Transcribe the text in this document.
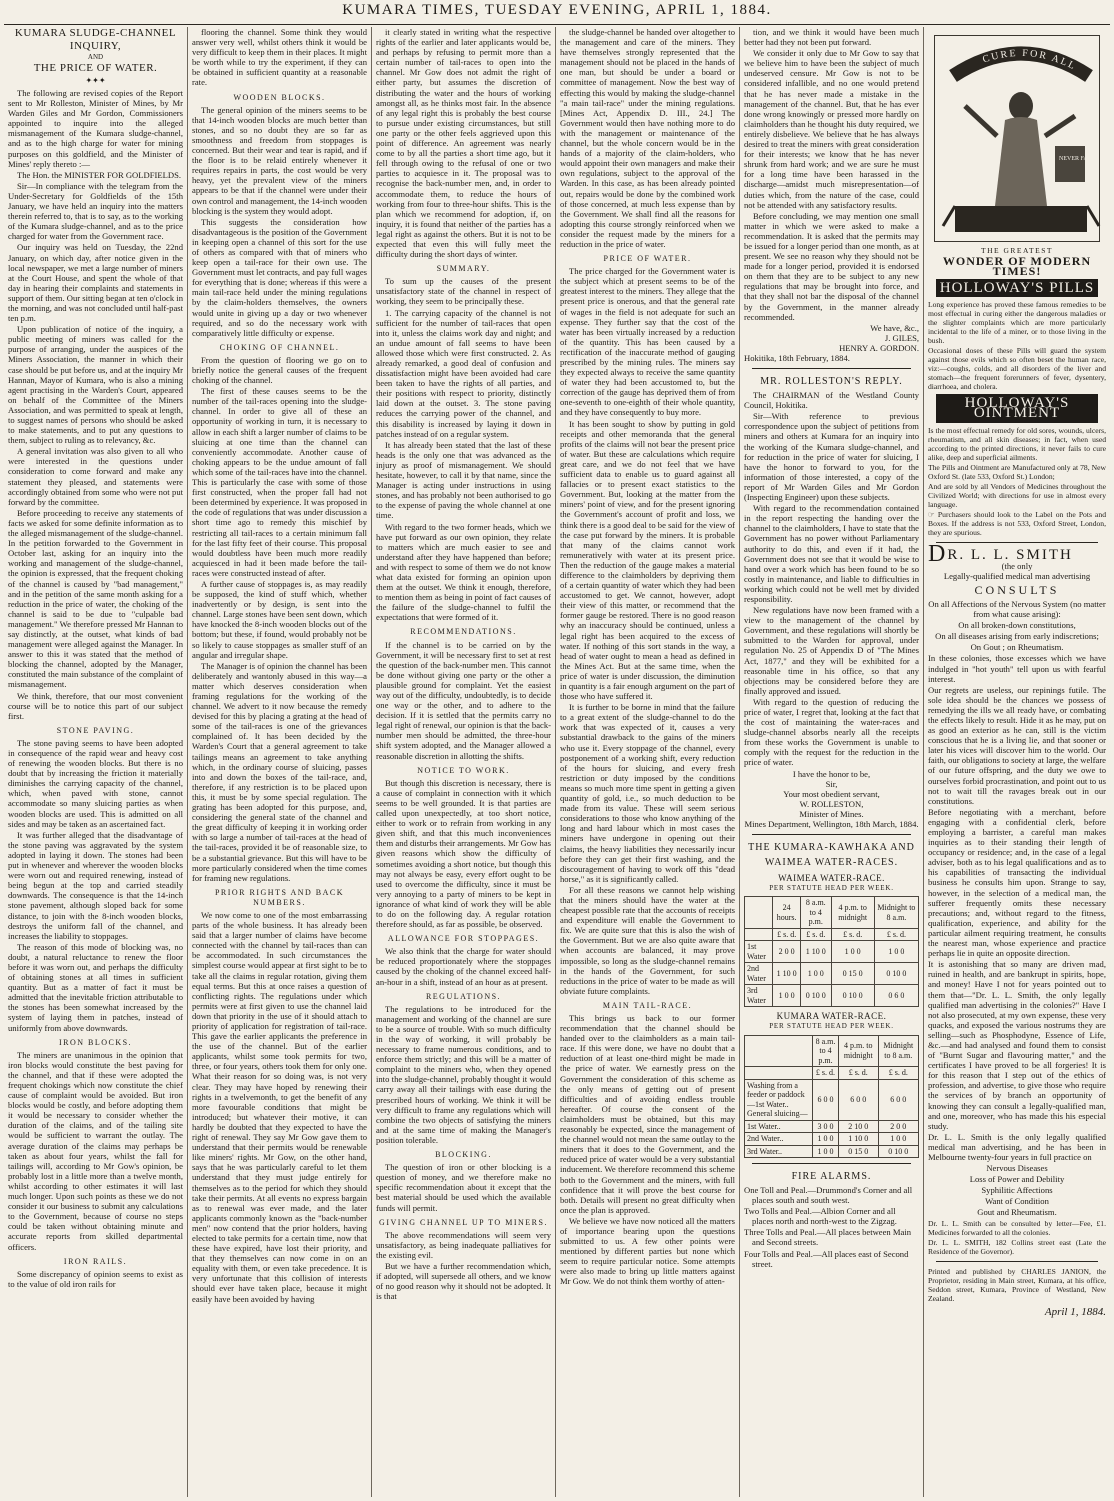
KUMARA TIMES, TUESDAY EVENING, APRIL 1, 1884.
KUMARA SLUDGE-CHANNEL
INQUIRY,
AND
THE PRICE OF WATER.
✦✦✦

The following are revised copies of the Report sent to Mr Rolleston, Minister of Mines, by Mr Warden Giles and Mr Gordon, Commissioners appointed to inquire into the alleged mismanagement of the Kumara sludge-channel, and as to the high charge for water for mining purposes on this goldfield, and the Minister of Mines' reply thereto :—

The Hon. the MINISTER FOR GOLDFIELDS.

Sir—In compliance with the telegram from the Under-Secretary for Goldfields of the 15th January, we have held an inquiry into the matters therein referred to, that is to say, as to the working of the Kumara sludge-channel, and as to the price charged for water from the Government race.

Our inquiry was held on Tuesday, the 22nd January, on which day, after notice given in the local newspaper, we met a large number of miners at the Court House, and spent the whole of that day in hearing their complaints and statements in support of them. Our sitting began at ten o'clock in the morning, and was not concluded until half-past ten p.m.

Upon publication of notice of the inquiry, a public meeting of miners was called for the purpose of arranging, under the auspices of the Miners Association, the manner in which their case should be put before us, and at the inquiry Mr Hannan, Mayor of Kumara, who is also a mining agent practising in the Warden's Court, appeared on behalf of the Committee of the Miners Association, and was permitted to speak at length, to suggest names of persons who should be asked to make statements, and to put any questions to them, subject to ruling as to relevancy, &c.

A general invitation was also given to all who were interested in the questions under consideration to come forward and make any statement they pleased, and statements were accordingly obtained from some who were not put forward by the committee.

Before proceeding to receive any statements of facts we asked for some definite information as to the alleged mismanagement of the sludge-channel. In the petition forwarded to the Government in October last, asking for an inquiry into the working and management of the sludge-channel, the opinion is expressed, that the frequent choking of the channel is caused by "bad management," and in the petition of the same month asking for a reduction in the price of water, the choking of the channel is said to be due to "culpable bad management." We therefore pressed Mr Hannan to say distinctly, at the outset, what kinds of bad management were alleged against the Manager. In answer to this it was stated that the method of blocking the channel, adopted by the Manager, constituted the main substance of the complaint of mismanagement.

We think, therefore, that our most convenient course will be to notice this part of our subject first.

STONE PAVING.

The stone paving seems to have been adopted in consequence of the rapid wear and heavy cost of renewing the wooden blocks. But there is no doubt that by increasing the friction it materially diminishes the carrying capacity of the channel, which, when paved with stone, cannot accommodate so many sluicing parties as when wooden blocks are used. This is admitted on all sides and may be taken as an ascertained fact.

It was further alleged that the disadvantage of the stone paving was aggravated by the system adopted in laying it down. The stones had been put in whenever and wherever the wooden blocks were worn out and required renewing, instead of being begun at the top and carried steadily downwards. The consequence is that the 14-inch stone pavement, although sloped back for some distance, to join with the 8-inch wooden blocks, destroys the uniform fall of the channel, and increases the liability to stoppages.

The reason of this mode of blocking was, no doubt, a natural reluctance to renew the floor before it was worn out, and perhaps the difficulty of obtaining stones at all times in sufficient quantity. But as a matter of fact it must be admitted that the inevitable friction attributable to the stones has been somewhat increased by the system of laying them in patches, instead of uniformly from above downwards.

IRON BLOCKS.

The miners are unanimous in the opinion that iron blocks would constitute the best paving for the channel, and that if these were adopted the frequent chokings which now constitute the chief cause of complaint would be avoided. But iron blocks would be costly, and before adopting them it would be necessary to consider whether the duration of the claims, and of the tailing site would be sufficient to warrant the outlay. The average duration of the claims may perhaps be taken as about four years, whilst the fall for tailings will, according to Mr Gow's opinion, be probably lost in a little more than a twelve month, whilst according to other estimates it will last much longer. Upon such points as these we do not consider it our business to submit any calculations to the Government, because of course no steps could be taken without obtaining minute and accurate reports from skilled departmental officers.

IRON RAILS.

Some discrepancy of opinion seems to exist as to the value of old iron rails for

flooring the channel. Some think they would answer very well, whilst others think it would be very difficult to keep them in their places. It might be worth while to try the experiment, if they can be obtained in sufficient quantity at a reasonable rate.

WOODEN BLOCKS.

The general opinion of the miners seems to be that 14-inch wooden blocks are much better than stones, and so no doubt they are so far as smoothness and freedom from stoppages is concerned. But their wear and tear is rapid, and if the floor is to be relaid entirely whenever it requires repairs in parts, the cost would be very heavy, yet the prevalent view of the miners appears to be that if the channel were under their own control and management, the 14-inch wooden blocking is the system they would adopt.

This suggests the consideration how disadvantageous is the position of the Government in keeping open a channel of this sort for the use of others as compared with that of miners who keep open a tail-race for their own use. The Government must let contracts, and pay full wages for everything that is done; whereas if this were a main tail-race held under the mining regulations by the claim-holders themselves, the owners would unite in giving up a day or two whenever required, and so do the necessary work with comparatively little difficulty or expense.

CHOKING OF CHANNEL.

From the question of flooring we go on to briefly notice the general causes of the frequent choking of the channel.

The first of these causes seems to be the number of the tail-races opening into the sludge-channel. In order to give all of these an opportunity of working in turn, it is necessary to allow in each shift a larger number of claims to be sluicing at one time than the channel can conveniently accommodate. Another cause of choking appears to be the undue amount of fall which some of the tail-races have into the channel. This is particularly the case with some of those first constructed, when the proper fall had not been determined by experience. It was proposed in the code of regulations that was under discussion a short time ago to remedy this mischief by restricting all tail-races to a certain minimum fall for the last fifty feet of their course. This proposal would doubtless have been much more readily acquiesced in had it been made before the tail-races were constructed instead of after.

A further cause of stoppages is, as may readily be supposed, the kind of stuff which, whether inadvertently or by design, is sent into the channel. Large stones have been sent down, which have knocked the 8-inch wooden blocks out of the bottom; but these, if found, would probably not be so likely to cause stoppages as smaller stuff of an angular and irregular shape.

The Manager is of opinion the channel has been deliberately and wantonly abused in this way—a matter which deserves consideration when framing regulations for the working of the channel. We advert to it now because the remedy devised for this by placing a grating at the head of some of the tail-races is one of the grievances complained of. It has been decided by the Warden's Court that a general agreement to take tailings means an agreement to take anything which, in the ordinary course of sluicing, passes into and down the boxes of the tail-race, and, therefore, if any restriction is to be placed upon this, it must be by some special regulation. The grating has been adopted for this purpose, and, considering the general state of the channel and the great difficulty of keeping it in working order with so large a number of tail-races at the head of the tail-races, provided it be of reasonable size, to be a substantial grievance. But this will have to be more particularly considered when the time comes for framing new regulations.

PRIOR RIGHTS AND BACK NUMBERS.

We now come to one of the most embarrassing parts of the whole business. It has already been said that a larger number of claims have become connected with the channel by tail-races than can be accommodated. In such circumstances the simplest course would appear at first sight to be to take all the claims in regular rotation, giving them equal terms. But this at once raises a question of conflicting rights. The regulations under which permits were at first given to use the channel laid down that priority in the use of it should attach to priority of application for registration of tail-race. This gave the earlier applicants the preference in the use of the channel. But of the earlier applicants, whilst some took permits for two, three, or four years, others took them for only one. What their reason for so doing was, is not very clear. They may have hoped by renewing their rights in a twelvemonth, to get the benefit of any more favourable conditions that might be introduced; but whatever their motive, it can hardly be doubted that they expected to have the right of renewal. They say Mr Gow gave them to understand that their permits would be renewable like miners' rights. Mr Gow, on the other hand, says that he was particularly careful to let them understand that they must judge entirely for themselves as to the period for which they should take their permits. At all events no express bargain as to renewal was ever made, and the later applicants commonly known as the "back-number men" now contend that the prior holders, having elected to take permits for a certain time, now that these have expired, have lost their priority, and that they themselves can now come in on an equality with them, or even take precedence. It is very unfortunate that this collision of interests should ever have taken place, because it might easily have been avoided by having

it clearly stated in writing what the respective rights of the earlier and later applicants would be, and perhaps by refusing to permit more than a certain number of tail-races to open into the channel. Mr Gow does not admit the right of either party, but assumes the discretion of distributing the water and the hours of working amongst all, as he thinks most fair. In the absence of any legal right this is probably the best course to pursue under existing circumstances, but still one party or the other feels aggrieved upon this point of difference. An agreement was nearly come to by all the parties a short time ago, but it fell through owing to the refusal of one or two parties to acquiesce in it. The proposal was to recognise the back-number men, and, in order to accommodate them, to reduce the hours of working from four to three-hour shifts. This is the plan which we recommend for adoption, if, on inquiry, it is found that neither of the parties has a legal right as against the others. But it is not to be expected that even this will fully meet the difficulty during the short days of winter.

SUMMARY.

To sum up the causes of the present unsatisfactory state of the channel in respect of working, they seem to be principally these.

1. The carrying capacity of the channel is not sufficient for the number of tail-races that open into it, unless the claims work day and night; and an undue amount of fall seems to have been allowed those which were first constructed. 2. As already remarked, a good deal of confusion and dissatisfaction might have been avoided had care been taken to have the rights of all parties, and their positions with respect to priority, distinctly laid down at the outset. 3. The stone paving reduces the carrying power of the channel, and this disability is increased by laying it down in patches instead of on a regular system.

It has already been stated that the last of these heads is the only one that was advanced as the injury as proof of mismanagement. We should hesitate, however, to call it by that name, since the Manager is acting under instructions in using stones, and has probably not been authorised to go to the expense of paving the whole channel at one time.

With regard to the two former heads, which we have put forward as our own opinion, they relate to matters which are much easier to see and understand after they have happened than before; and with respect to some of them we do not know what data existed for forming an opinion upon them at the outset. We think it enough, therefore, to mention them as being in point of fact causes of the failure of the sludge-channel to fulfil the expectations that were formed of it.

RECOMMENDATIONS.

If the channel is to be carried on by the Government, it will be necessary first to set at rest the question of the back-number men. This cannot be done without giving one party or the other a plausible ground for complaint. Yet the easiest way out of the difficulty, undoubtedly, is to decide one way or the other, and to adhere to the decision. If it is settled that the permits carry no legal right of renewal, our opinion is that the back-number men should be admitted, the three-hour shift system adopted, and the Manager allowed a reasonable discretion in allotting the shifts.

NOTICE TO WORK.

But though this discretion is necessary, there is a cause of complaint in connection with it which seems to be well grounded. It is that parties are called upon unexpectedly, at too short notice, either to work or to refrain from working in any given shift, and that this much inconveniences them and disturbs their arrangements. Mr Gow has given reasons which show the difficulty of sometimes avoiding a short notice, but though this may not always be easy, every effort ought to be used to overcome the difficulty, since it must be very annoying to a party of miners to be kept in ignorance of what kind of work they will be able to do on the following day. A regular rotation therefore should, as far as possible, be observed.

ALLOWANCE FOR STOPPAGES.

We also think that the charge for water should be reduced proportionately where the stoppages caused by the choking of the channel exceed half-an-hour in a shift, instead of an hour as at present.

REGULATIONS.

The regulations to be introduced for the management and working of the channel are sure to be a source of trouble. With so much difficulty in the way of working, it will probably be necessary to frame numerous conditions, and to enforce them strictly; and this will be a matter of complaint to the miners who, when they opened into the sludge-channel, probably thought it would carry away all their tailings with ease during the prescribed hours of working. We think it will be very difficult to frame any regulations which will combine the two objects of satisfying the miners and at the same time of making the Manager's position tolerable.

BLOCKING.

The question of iron or other blocking is a question of money, and we therefore make no specific recommendation about it except that the best material should be used which the available funds will permit.

GIVING CHANNEL UP TO MINERS.

The above recommendations will seem very unsatisfactory, as being inadequate palliatives for the existing evil.

But we have a further recommendation which, if adopted, will supersede all others, and we know of no good reason why it should not be adopted. It is that

the sludge-channel be handed over altogether to the management and care of the miners. They have themselves strongly represented that the management should not be placed in the hands of one man, but should be under a board or committee of management. Now the best way of effecting this would by making the sludge-channel "a main tail-race" under the mining regulations. [Mines Act, Appendix D. III., 24.] The Government would then have nothing more to do with the management or maintenance of the channel, but the whole concern would be in the hands of a majority of the claim-holders, who would appoint their own managers and make their own regulations, subject to the approval of the Warden. In this case, as has been already pointed out, repairs would be done by the combined work of those concerned, at much less expense than by the Government. We shall find all the reasons for adopting this course strongly reinforced when we consider the request made by the miners for a reduction in the price of water.

PRICE OF WATER.

The price charged for the Government water is the subject which at present seems to be of the greatest interest to the miners. They allege that the present price is onerous, and that the general rate of wages in the field is not adequate for such an expense. They further say that the cost of the water has been virtually increased by a reduction of the quantity. This has been caused by a rectification of the inaccurate method of gauging prescribed by the mining rules. The miners say they expected always to receive the same quantity of water they had been accustomed to, but the correction of the gauge has deprived them of from one-seventh to one-eighth of their whole quantity, and they have consequently to buy more.

It has been sought to show by putting in gold receipts and other memoranda that the general profits of the claims will not bear the present price of water. But these are calculations which require great care, and we do not feel that we have sufficient data to enable us to guard against all fallacies or to present exact statistics to the Government. But, looking at the matter from the miners' point of view, and for the present ignoring the Government's account of profit and loss, we think there is a good deal to be said for the view of the case put forward by the miners. It is probable that many of the claims cannot work remuneratively with water at its present price. Then the reduction of the gauge makes a material difference to the claimholders by depriving them of a certain quantity of water which they had been accustomed to get. We cannot, however, adopt their view of this matter, or recommend that the former gauge be restored. There is no good reason why an inaccuracy should be continued, unless a legal right has been acquired to the excess of water. If nothing of this sort stands in the way, a head of water ought to mean a head as defined in the Mines Act. But at the same time, when the price of water is under discussion, the diminution in quantity is a fair enough argument on the part of those who have suffered it.

It is further to be borne in mind that the failure to a great extent of the sludge-channel to do the work that was expected of it, causes a very substantial drawback to the gains of the miners who use it. Every stoppage of the channel, every postponement of a working shift, every reduction of the hours for sluicing, and every fresh restriction or duty imposed by the conditions means so much more time spent in getting a given quantity of gold, i.e., so much deduction to be made from its value. These will seem serious considerations to those who know anything of the long and hard labour which in most cases the miners have undergone in opening out their claims, the heavy liabilities they necessarily incur before they can get their first washing, and the discouragement of having to work off this "dead horse," as it is significantly called.

For all these reasons we cannot help wishing that the miners should have the water at the cheapest possible rate that the accounts of receipts and expenditure will enable the Government to fix. We are quite sure that this is also the wish of the Government. But we are also quite aware that when accounts are balanced, it may prove impossible, so long as the sludge-channel remains in the hands of the Government, for such reductions in the price of water to be made as will obviate future complaints.

MAIN TAIL-RACE.

This brings us back to our former recommendation that the channel should be handed over to the claimholders as a main tail-race. If this were done, we have no doubt that a reduction of at least one-third might be made in the price of water. We earnestly press on the Government the consideration of this scheme as the only means of getting out of present difficulties and of avoiding endless trouble hereafter. Of course the consent of the claimholders must be obtained, but this may reasonably be expected, since the management of the channel would not mean the same outlay to the miners that it does to the Government, and the reduced price of water would be a very substantial inducement. We therefore recommend this scheme both to the Government and the miners, with full confidence that it will prove the best course for both. Details will present no great difficulty when once the plan is approved.

We believe we have now noticed all the matters of importance bearing upon the questions submitted to us. A few other points were mentioned by different parties but none which seem to require particular notice. Some attempts were also made to bring up little matters against Mr Gow. We do not think them worthy of atten-

tion, and we think it would have been much better had they not been put forward.

We consider it only due to Mr Gow to say that we believe him to have been the subject of much undeserved censure. Mr Gow is not to be considered infallible, and no one would pretend that he has never made a mistake in the management of the channel. But, that he has ever done wrong knowingly or pressed more hardly on claimholders than he thought his duty required, we entirely disbelieve. We believe that he has always desired to treat the miners with great consideration for their interests; we know that he has never shrunk from hard work; and we are sure he must for a long time have been harassed in the discharge—amidst much misrepresentation—of duties which, from the nature of the case, could not be attended with any satisfactory results.

Before concluding, we may mention one small matter in which we were asked to make a recommendation. It is asked that the permits may be issued for a longer period than one month, as at present. We see no reason why they should not be made for a longer period, provided it is endorsed on them that they are to be subject to any new regulations that may be brought into force, and that they shall not bar the disposal of the channel by the Government, in the manner already recommended.

We have, &c.,
J. GILES,
HENRY A. GORDON.
Hokitika, 18th February, 1884.
MR. ROLLESTON'S REPLY.

The CHAIRMAN of the Westland County Council, Hokitika.

Sir—With reference to previous correspondence upon the subject of petitions from miners and others at Kumara for an inquiry into the working of the Kumara sludge-channel, and for reduction in the price of water for sluicing, I have the honor to forward to you, for the information of those interested, a copy of the report of Mr Warden Giles and Mr Gordon (Inspecting Engineer) upon these subjects.

With regard to the recommendation contained in the report respecting the handing over the channel to the claimholders, I have to state that the Government has no power without Parliamentary authority to do this, and even if it had, the Government does not see that it would be wise to hand over a work which has been found to be so costly in maintenance, and liable to difficulties in working which could not be well met by divided responsibility.

New regulations have now been framed with a view to the management of the channel by Government, and these regulations will shortly be submitted to the Warden for approval, under regulation No. 25 of Appendix D of "The Mines Act, 1877," and they will be exhibited for a reasonable time in his office, so that any objections may be considered before they are finally approved and issued.

With regard to the question of reducing the price of water, I regret that, looking at the fact that the cost of maintaining the water-races and sludge-channel absorbs nearly all the receipts from these works the Government is unable to comply with the request for the reduction in the price of water.

I have the honor to be,
Sir,
Your most obedient servant,
W. ROLLESTON,
Minister of Mines.
Mines Department, Wellington, 18th March, 1884.
THE KUMARA-KAWHAKA AND
WAIMEA WATER-RACES.
WAIMEA WATER-RACE.
PER STATUTE HEAD PER WEEK.
	24 hours.	8 a.m. to 4 p.m.	4 p.m. to midnight	Midnight to 8 a.m.
	£ s. d.	£ s. d.	£ s. d.	£ s. d.
1st Water	2 0 0	1 10 0	1 0 0	1 0 0
2nd Water	1 10 0	1 0 0	0 15 0	0 10 0
3rd Water	1 0 0	0 10 0	0 10 0	0 6 0
KUMARA WATER-RACE.
PER STATUTE HEAD PER WEEK.
	8 a.m. to 4 p.m.	4 p.m. to midnight	Midnight to 8 a.m.
	£ s. d.	£ s. d.	£ s. d.
Washing from a feeder or paddock—1st Water.. General sluicing—	6 0 0	6 0 0	6 0 0
1st Water..	3 0 0	2 10 0	2 0 0
2nd Water..	1 0 0	1 10 0	1 0 0
3rd Water..	1 0 0	0 15 0	0 10 0
FIRE ALARMS.

One Toll and Peal.—Drummond's Corner and all places south and south west.

Two Tolls and Peal.—Albion Corner and all places north and north-west to the Zigzag.

Three Tolls and Peal.—All places between Main and Second streets.

Four Tolls and Peal.—All places east of Second street.

CURE FOR ALL
NEVER FAIL
THE GREATEST
WONDER OF MODERN TIMES!
HOLLOWAY'S PILLS

Long experience has proved these famous remedies to be most effectual in curing either the dangerous maladies or the slighter complaints which are more particularly incidental to the life of a miner, or to those living in the bush.

Occasional doses of these Pills will guard the system against those evils which so often beset the human race, viz:—coughs, colds, and all disorders of the liver and stomach—the frequent forerunners of fever, dysentery, diarrhoea, and cholera.

HOLLOWAY'S OINTMENT

Is the most effectual remedy for old sores, wounds, ulcers, rheumatism, and all skin diseases; in fact, when used according to the printed directions, it never fails to cure alike, deep and superficial ailments.

The Pills and Ointment are Manufactured only at 78, New Oxford St. (late 533, Oxford St.) London;

And are sold by all Vendors of Medicines throughout the Civilized World; with directions for use in almost every language.

☞ Purchasers should look to the Label on the Pots and Boxes. If the address is not 533, Oxford Street, London, they are spurious.

DR. L. L. SMITH
(the only
Legally-qualified medical man advertising
CONSULTS

On all Affections of the Nervous System (no matter from what cause arising):

On all broken-down constitutions,

On all diseases arising from early indiscretions;

On Gout ; on Rheumatism.

In these colonies, those excesses which we have indulged in "hot youth" tell upon us with fearful interest.

Our regrets are useless, our repinings futile. The sole idea should be the chances we possess of remedying the ills we all ready have, or combating the effects likely to result. Hide it as he may, put on as good an exterior as he can, still is the victim conscious that he is a living lie, and that sooner or later his vices will discover him to the world. Our faith, our obligations to society at large, the welfare of our future offspring, and the duty we owe to ourselves forbid procrastination, and point out to us not to wait till the ravages break out in our constitutions.

Before negotiating with a merchant, before engaging with a confidential clerk, before employing a barrister, a careful man makes inquiries as to their standing their length of occupancy or residence; and, in the case of a legal adviser, both as to his legal qualifications and as to his capabilities of transacting the individual business he consults him upon. Strange to say, however, in the selection of a medical man, the sufferer frequently omits these necessary precautions; and, without regard to the fitness, qualification, experience, and ability for the particular ailment requiring treatment, he consults the nearest man, whose experience and practice perhaps lie in quite an opposite direction.

It is astonishing that so many are driven mad, ruined in health, and are bankrupt in spirits, hope, and money! Have I not for years pointed out to them that—"Dr. L. L. Smith, the only legally qualified man advertising in the colonies?" Have I not also prosecuted, at my own expense, these very quacks, and exposed the various nostrums they are selling—such as Phosphodyne, Essence of Life, &c.—and had analysed and found them to consist of "Burnt Sugar and flavouring matter," and the certificates I have proved to be all forgeries! It is for this reason that I step out of the ethics of profession, and advertise, to give those who require the services of by branch an opportunity of knowing they can consult a legally-qualified man, and one, moreover, who has made this his especial study.

Dr. L. L. Smith is the only legally qualified medical man advertising, and he has been in Melbourne twenty-four years in full practice on

Nervous Diseases

Loss of Power and Debility

Syphilitic Affections

Want of Condition

Gout and Rheumatism.

Dr. L. L. Smith can be consulted by letter—Fee, £1. Medicines forwarded to all the colonies.

Dr. L. L. SMITH, 182 Collins street east (Late the Residence of the Governor).

Printed and published by CHARLES JANION, the Proprietor, residing in Main street, Kumara, at his office, Seddon street, Kumara, Province of Westland, New Zealand.

April 1, 1884.
